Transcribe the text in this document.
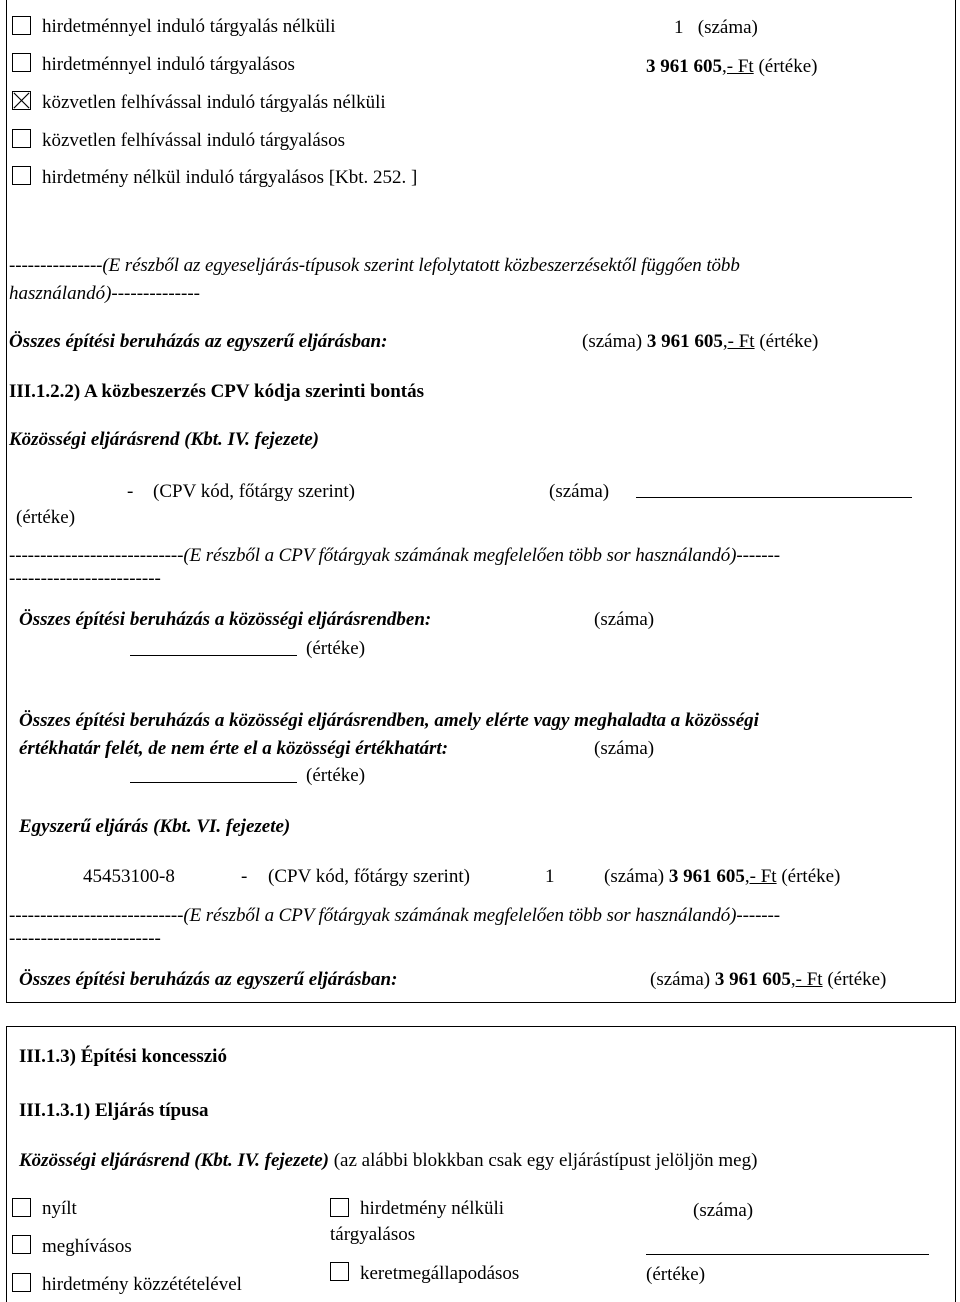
hirdetménnyel induló tárgyalás nélküli
hirdetménnyel induló tárgyalásos
közvetlen felhívással induló tárgyalás nélküli
közvetlen felhívással induló tárgyalásos
hirdetmény nélkül induló tárgyalásos [Kbt. 252. ]
1 (száma)
3 961 605,- Ft (értéke)
---------------(E részből az egyeseljárás-típusok szerint lefolytatott közbeszerzésektől függően több
használandó)--------------
Összes építési beruházás az egyszerű eljárásban:	(száma) 3 961 605,- Ft (értéke)
III.1.2.2) A közbeszerzés CPV kódja szerinti bontás
Közösségi eljárásrend (Kbt. IV. fejezete)
- (CPV kód, főtárgy szerint)	(száma)
(értéke)
----------------------------(E részből a CPV főtárgyak számának megfelelően több sor használandó)-------
------------------------
Összes építési beruházás a közösségi eljárásrendben:	(száma)
(értéke)
Összes építési beruházás a közösségi eljárásrendben, amely elérte vagy meghaladta a közösségi
értékhatár felét, de nem érte el a közösségi értékhatárt:	(száma)
(értéke)
Egyszerű eljárás (Kbt. VI. fejezete)
45453100-8	- (CPV kód, főtárgy szerint)	1	(száma) 3 961 605,- Ft (értéke)
----------------------------(E részből a CPV főtárgyak számának megfelelően több sor használandó)-------
------------------------
Összes építési beruházás az egyszerű eljárásban:	(száma) 3 961 605,- Ft (értéke)
III.1.3) Építési koncesszió
III.1.3.1) Eljárás típusa
Közösségi eljárásrend (Kbt. IV. fejezete) (az alábbi blokkban csak egy eljárástípust jelöljön meg)
nyílt
meghívásos
hirdetmény közzétételével
hirdetmény nélküli
tárgyalásos
keretmegállapodásos
(száma)
(értéke)
